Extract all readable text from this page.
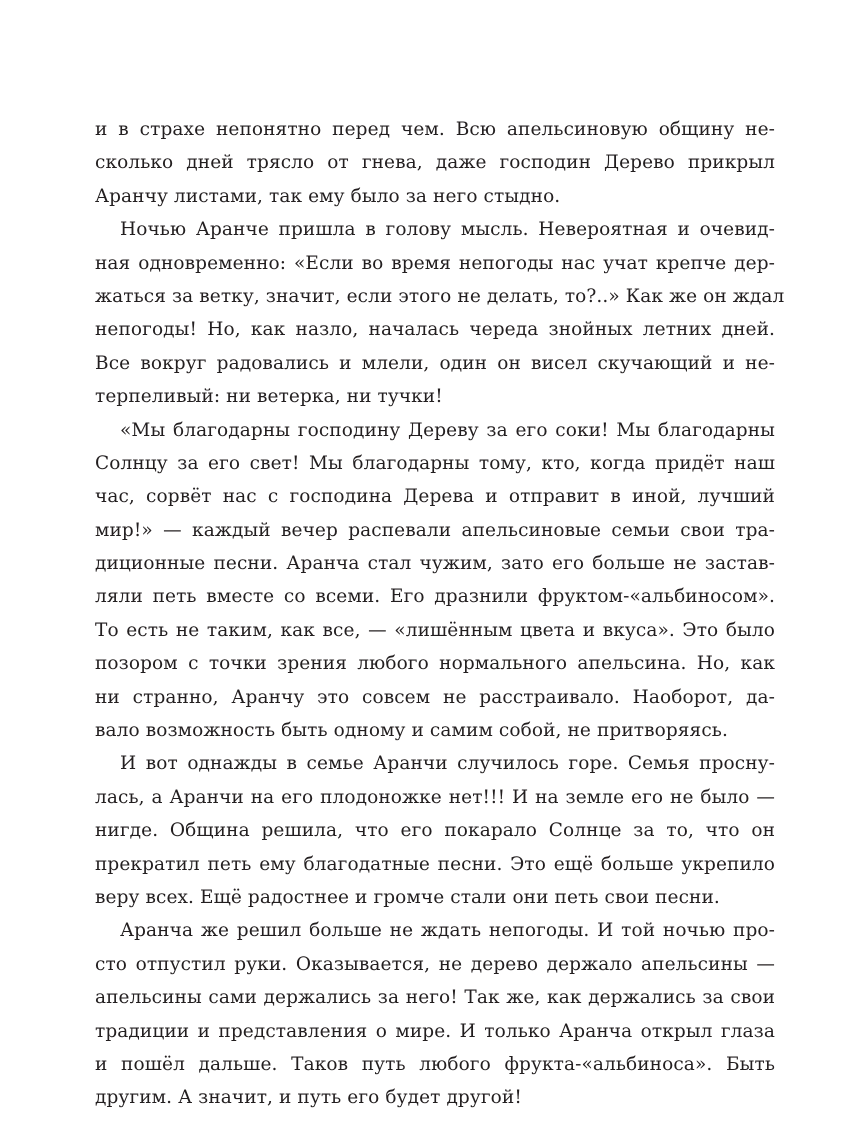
и в страхе непонятно перед чем. Всю апельсиновую общину не-
сколько дней трясло от гнева, даже господин Дерево прикрыл
Аранчу листами, так ему было за него стыдно.
Ночью Аранче пришла в голову мысль. Невероятная и очевид-
ная одновременно: «Если во время непогоды нас учат крепче дер-
жаться за ветку, значит, если этого не делать, то?..» Как же он ждал
непогоды! Но, как назло, началась череда знойных летних дней.
Все вокруг радовались и млели, один он висел скучающий и не-
терпеливый: ни ветерка, ни тучки!
«Мы благодарны господину Дереву за его соки! Мы благодарны
Солнцу за его свет! Мы благодарны тому, кто, когда придёт наш
час, сорвёт нас с господина Дерева и отправит в иной, лучший
мир!» — каждый вечер распевали апельсиновые семьи свои тра-
диционные песни. Аранча стал чужим, зато его больше не застав-
ляли петь вместе со всеми. Его дразнили фруктом-«альбиносом».
То есть не таким, как все, — «лишённым цвета и вкуса». Это было
позором с точки зрения любого нормального апельсина. Но, как
ни странно, Аранчу это совсем не расстраивало. Наоборот, да-
вало возможность быть одному и самим собой, не притворяясь.
И вот однажды в семье Аранчи случилось горе. Семья просну-
лась, а Аранчи на его плодоножке нет!!! И на земле его не было —
нигде. Община решила, что его покарало Солнце за то, что он
прекратил петь ему благодатные песни. Это ещё больше укрепило
веру всех. Ещё радостнее и громче стали они петь свои песни.
Аранча же решил больше не ждать непогоды. И той ночью про-
сто отпустил руки. Оказывается, не дерево держало апельсины —
апельсины сами держались за него! Так же, как держались за свои
традиции и представления о мире. И только Аранча открыл глаза
и пошёл дальше. Таков путь любого фрукта-«альбиноса». Быть
другим. А значит, и путь его будет другой!
